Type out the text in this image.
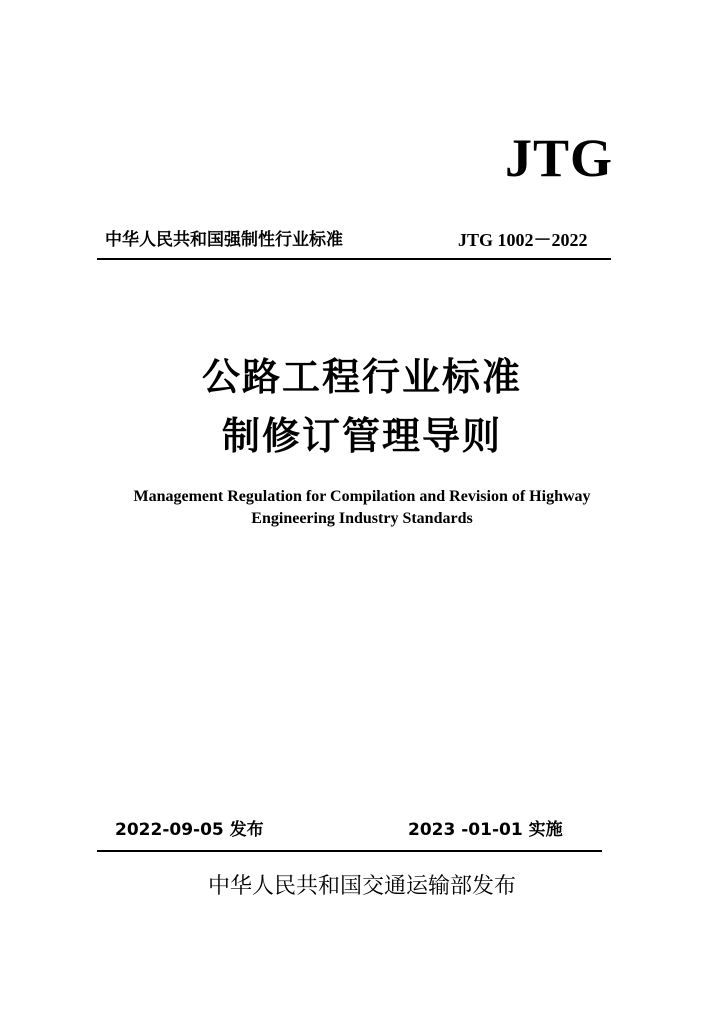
JTG
中华人民共和国强制性行业标准	JTG 1002－2022
公路工程行业标准
制修订管理导则
Management Regulation for Compilation and Revision of Highway
Engineering Industry Standards
2022-09-05 发布	2023 -01-01 实施
中华人民共和国交通运输部发布
